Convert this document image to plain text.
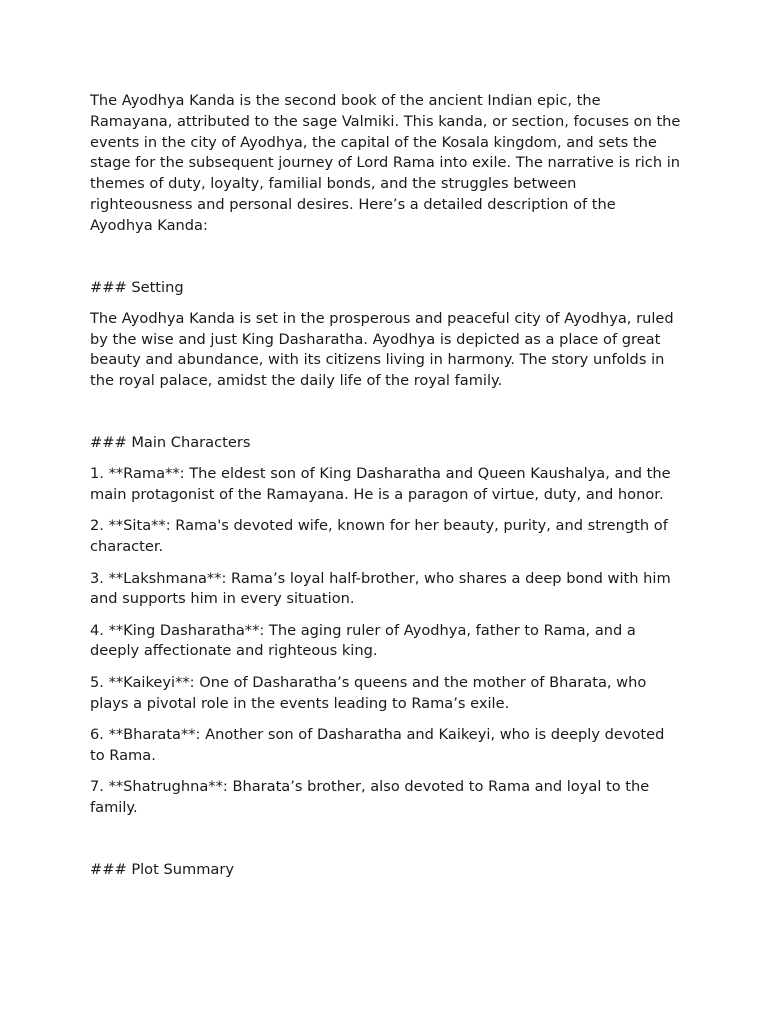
The Ayodhya Kanda is the second book of the ancient Indian epic, the Ramayana, attributed to the sage Valmiki. This kanda, or section, focuses on the events in the city of Ayodhya, the capital of the Kosala kingdom, and sets the stage for the subsequent journey of Lord Rama into exile. The narrative is rich in themes of duty, loyalty, familial bonds, and the struggles between righteousness and personal desires. Here’s a detailed description of the Ayodhya Kanda:

### Setting

The Ayodhya Kanda is set in the prosperous and peaceful city of Ayodhya, ruled by the wise and just King Dasharatha. Ayodhya is depicted as a place of great beauty and abundance, with its citizens living in harmony. The story unfolds in the royal palace, amidst the daily life of the royal family.

### Main Characters

1. **Rama**: The eldest son of King Dasharatha and Queen Kaushalya, and the main protagonist of the Ramayana. He is a paragon of virtue, duty, and honor.

2. **Sita**: Rama's devoted wife, known for her beauty, purity, and strength of character.

3. **Lakshmana**: Rama’s loyal half-brother, who shares a deep bond with him and supports him in every situation.

4. **King Dasharatha**: The aging ruler of Ayodhya, father to Rama, and a deeply affectionate and righteous king.

5. **Kaikeyi**: One of Dasharatha’s queens and the mother of Bharata, who plays a pivotal role in the events leading to Rama’s exile.

6. **Bharata**: Another son of Dasharatha and Kaikeyi, who is deeply devoted to Rama.

7. **Shatrughna**: Bharata’s brother, also devoted to Rama and loyal to the family.

### Plot Summary
